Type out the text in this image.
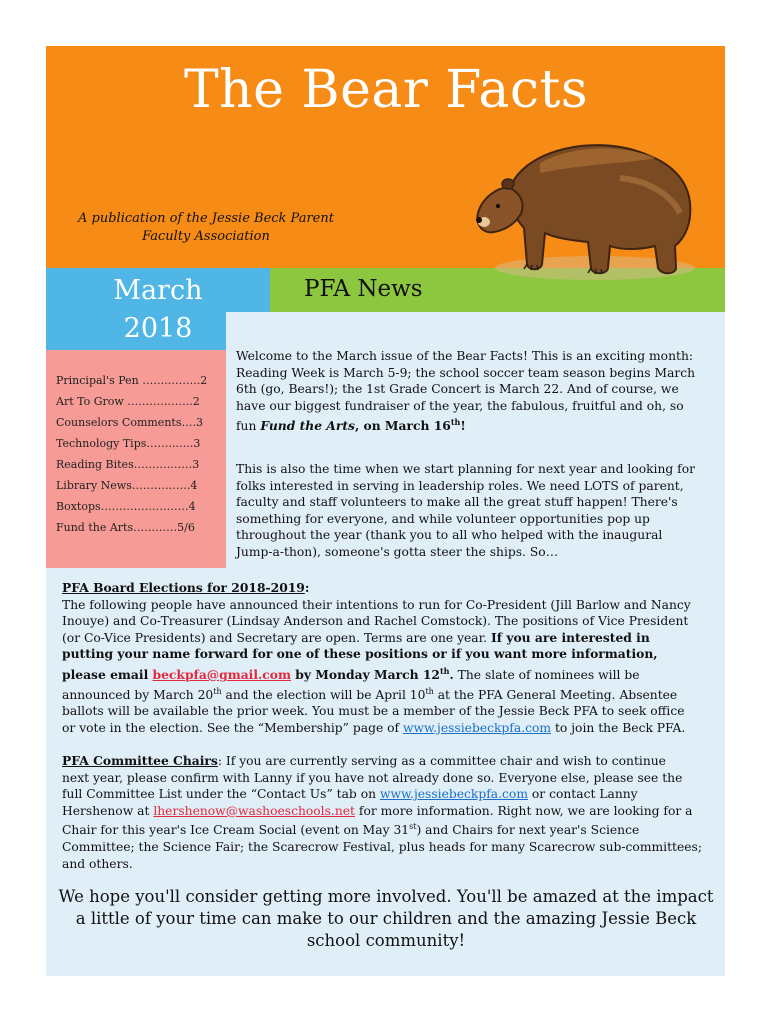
The Bear Facts
A publication of the Jessie Beck Parent
Faculty Association
PFA News
March
2018
Principal's Pen ……..……..2
Art To Grow ……….……..2
Counselors Comments….3
Technology Tips……..…..3
Reading Bites……….……3
Library News…………….4
Boxtops……………………4
Fund the Arts…………5/6
Welcome to the March issue of the Bear Facts! This is an exciting month:
Reading Week is March 5-9; the school soccer team season begins March
6th (go, Bears!); the 1st Grade Concert is March 22. And of course, we
have our biggest fundraiser of the year, the fabulous, fruitful and oh, so
fun Fund the Arts, on March 16th!
This is also the time when we start planning for next year and looking for
folks interested in serving in leadership roles. We need LOTS of parent,
faculty and staff volunteers to make all the great stuff happen! There's
something for everyone, and while volunteer opportunities pop up
throughout the year (thank you to all who helped with the inaugural
Jump-a-thon), someone's gotta steer the ships. So…
PFA Board Elections for 2018-2019:
The following people have announced their intentions to run for Co-President (Jill Barlow and Nancy
Inouye) and Co-Treasurer (Lindsay Anderson and Rachel Comstock). The positions of Vice President
(or Co-Vice Presidents) and Secretary are open. Terms are one year. If you are interested in
putting your name forward for one of these positions or if you want more information,
please email beckpfa@gmail.com by Monday March 12th. The slate of nominees will be
announced by March 20th and the election will be April 10th at the PFA General Meeting. Absentee
ballots will be available the prior week. You must be a member of the Jessie Beck PFA to seek office
or vote in the election. See the “Membership” page of www.jessiebeckpfa.com to join the Beck PFA.
PFA Committee Chairs: If you are currently serving as a committee chair and wish to continue
next year, please confirm with Lanny if you have not already done so. Everyone else, please see the
full Committee List under the “Contact Us” tab on www.jessiebeckpfa.com or contact Lanny
Hershenow at lhershenow@washoeschools.net for more information. Right now, we are looking for a
Chair for this year's Ice Cream Social (event on May 31st) and Chairs for next year's Science
Committee; the Science Fair; the Scarecrow Festival, plus heads for many Scarecrow sub-committees;
and others.
We hope you'll consider getting more involved. You'll be amazed at the impact
a little of your time can make to our children and the amazing Jessie Beck
school community!
